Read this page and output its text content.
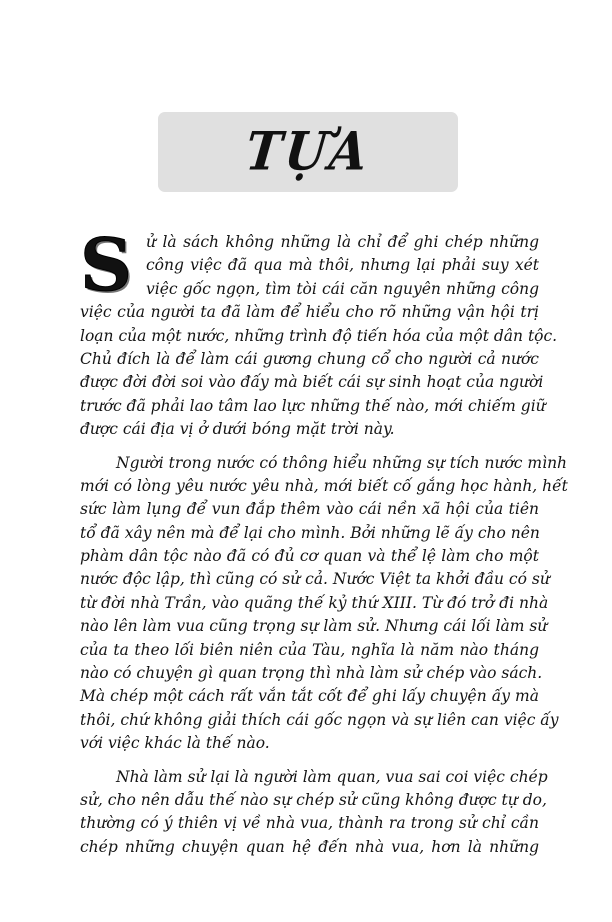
TỰA
S ử là sách không những là chỉ để ghi chép những
công việc đã qua mà thôi, nhưng lại phải suy xét
việc gốc ngọn, tìm tòi cái căn nguyên những công
việc của người ta đã làm để hiểu cho rõ những vận hội trị
loạn của một nước, những trình độ tiến hóa của một dân tộc.
Chủ đích là để làm cái gương chung cổ cho người cả nước
được đời đời soi vào đấy mà biết cái sự sinh hoạt của người
trước đã phải lao tâm lao lực những thế nào, mới chiếm giữ
được cái địa vị ở dưới bóng mặt trời này.
Người trong nước có thông hiểu những sự tích nước mình
mới có lòng yêu nước yêu nhà, mới biết cố gắng học hành, hết
sức làm lụng để vun đắp thêm vào cái nền xã hội của tiên
tổ đã xây nên mà để lại cho mình. Bởi những lẽ ấy cho nên
phàm dân tộc nào đã có đủ cơ quan và thể lệ làm cho một
nước độc lập, thì cũng có sử cả. Nước Việt ta khởi đầu có sử
từ đời nhà Trần, vào quãng thế kỷ thứ XIII. Từ đó trở đi nhà
nào lên làm vua cũng trọng sự làm sử. Nhưng cái lối làm sử
của ta theo lối biên niên của Tàu, nghĩa là năm nào tháng
nào có chuyện gì quan trọng thì nhà làm sử chép vào sách.
Mà chép một cách rất vắn tắt cốt để ghi lấy chuyện ấy mà
thôi, chứ không giải thích cái gốc ngọn và sự liên can việc ấy
với việc khác là thế nào.
Nhà làm sử lại là người làm quan, vua sai coi việc chép
sử, cho nên dẫu thế nào sự chép sử cũng không được tự do,
thường có ý thiên vị về nhà vua, thành ra trong sử chỉ cần
chép những chuyện quan hệ đến nhà vua, hơn là những
